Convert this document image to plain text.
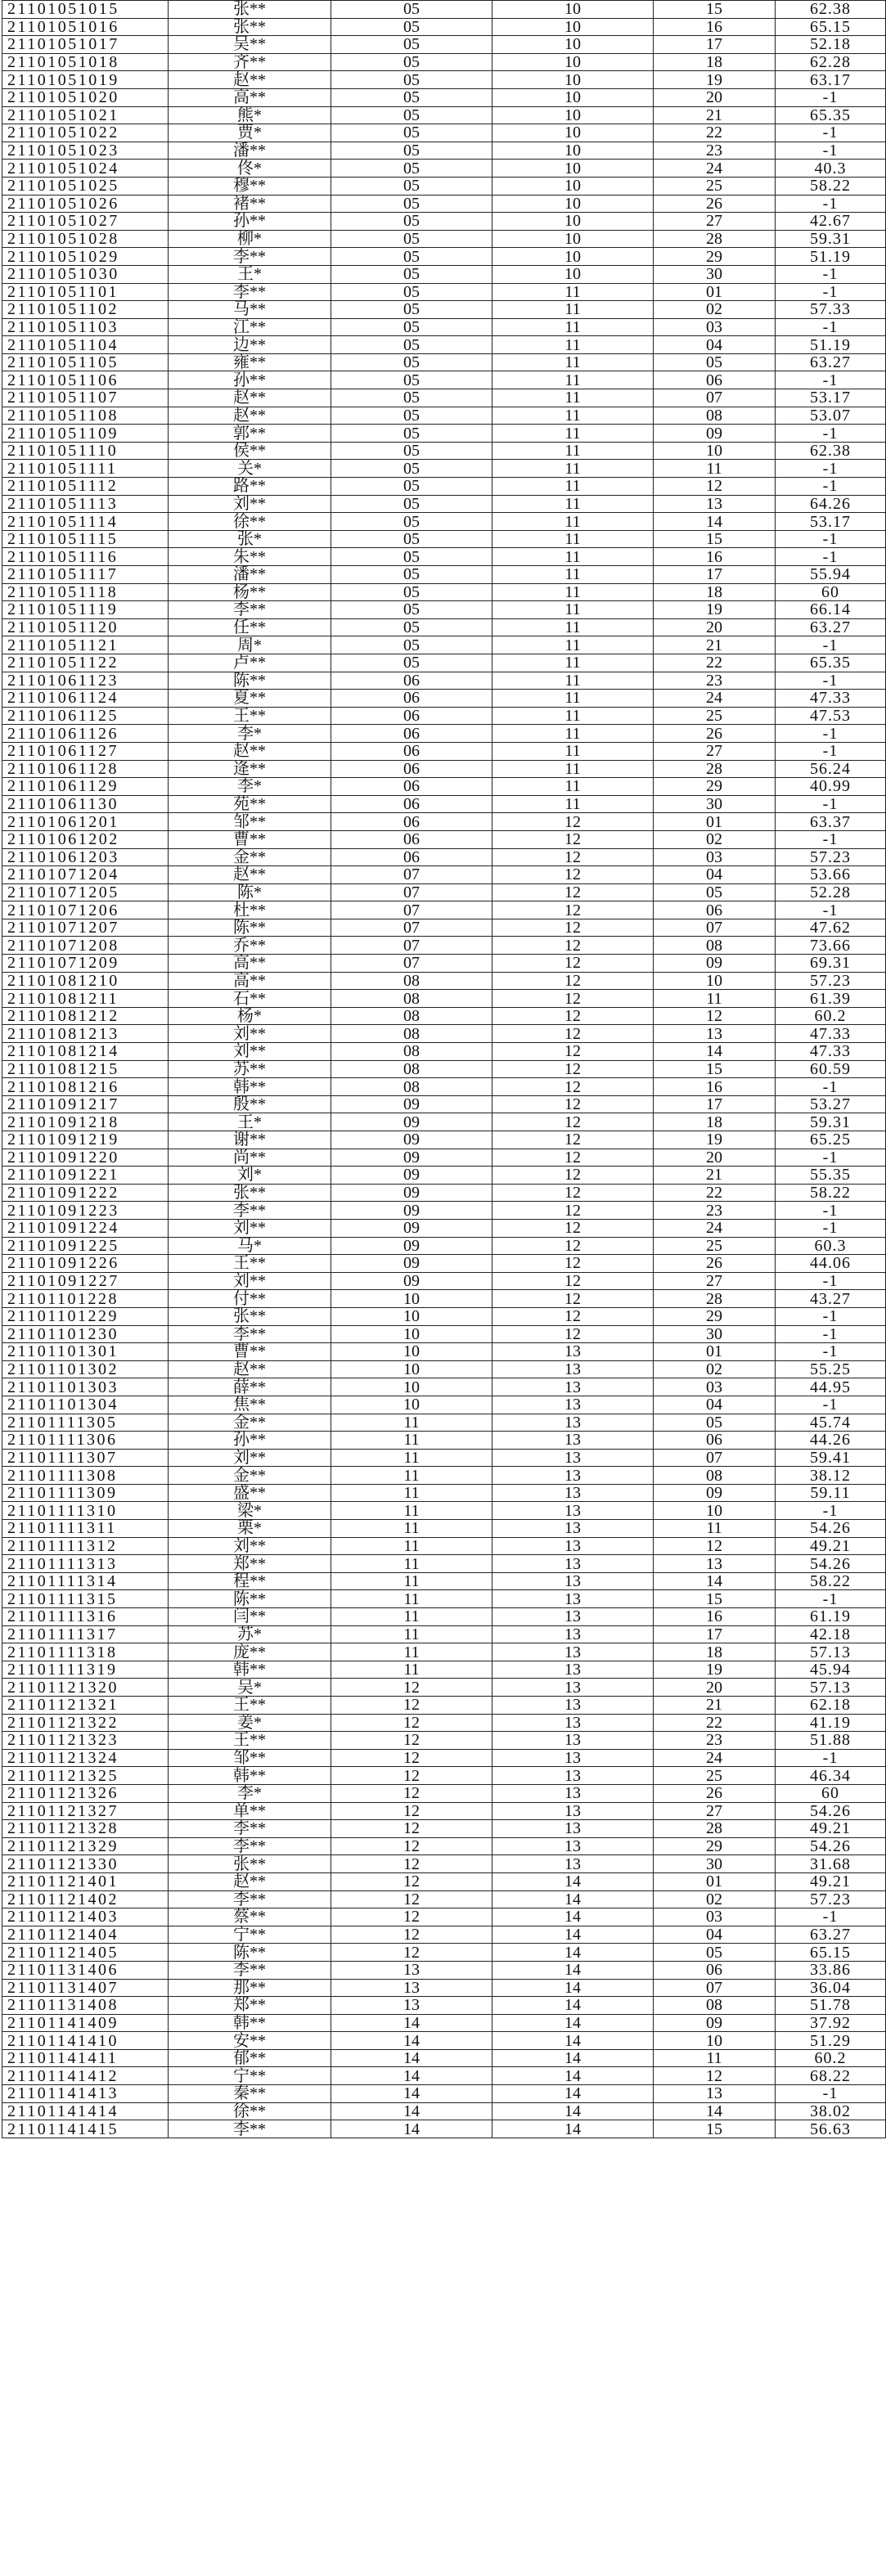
21101051015	张**	05	10	15	62.38
21101051016	张**	05	10	16	65.15
21101051017	吴**	05	10	17	52.18
21101051018	齐**	05	10	18	62.28
21101051019	赵**	05	10	19	63.17
21101051020	高**	05	10	20	-1
21101051021	熊*	05	10	21	65.35
21101051022	贾*	05	10	22	-1
21101051023	潘**	05	10	23	-1
21101051024	佟*	05	10	24	40.3
21101051025	穆**	05	10	25	58.22
21101051026	褚**	05	10	26	-1
21101051027	孙**	05	10	27	42.67
21101051028	柳*	05	10	28	59.31
21101051029	李**	05	10	29	51.19
21101051030	王*	05	10	30	-1
21101051101	李**	05	11	01	-1
21101051102	马**	05	11	02	57.33
21101051103	江**	05	11	03	-1
21101051104	边**	05	11	04	51.19
21101051105	雍**	05	11	05	63.27
21101051106	孙**	05	11	06	-1
21101051107	赵**	05	11	07	53.17
21101051108	赵**	05	11	08	53.07
21101051109	郭**	05	11	09	-1
21101051110	侯**	05	11	10	62.38
21101051111	关*	05	11	11	-1
21101051112	路**	05	11	12	-1
21101051113	刘**	05	11	13	64.26
21101051114	徐**	05	11	14	53.17
21101051115	张*	05	11	15	-1
21101051116	朱**	05	11	16	-1
21101051117	潘**	05	11	17	55.94
21101051118	杨**	05	11	18	60
21101051119	李**	05	11	19	66.14
21101051120	任**	05	11	20	63.27
21101051121	周*	05	11	21	-1
21101051122	卢**	05	11	22	65.35
21101061123	陈**	06	11	23	-1
21101061124	夏**	06	11	24	47.33
21101061125	王**	06	11	25	47.53
21101061126	李*	06	11	26	-1
21101061127	赵**	06	11	27	-1
21101061128	逄**	06	11	28	56.24
21101061129	李*	06	11	29	40.99
21101061130	苑**	06	11	30	-1
21101061201	邹**	06	12	01	63.37
21101061202	曹**	06	12	02	-1
21101061203	金**	06	12	03	57.23
21101071204	赵**	07	12	04	53.66
21101071205	陈*	07	12	05	52.28
21101071206	杜**	07	12	06	-1
21101071207	陈**	07	12	07	47.62
21101071208	乔**	07	12	08	73.66
21101071209	高**	07	12	09	69.31
21101081210	高**	08	12	10	57.23
21101081211	石**	08	12	11	61.39
21101081212	杨*	08	12	12	60.2
21101081213	刘**	08	12	13	47.33
21101081214	刘**	08	12	14	47.33
21101081215	苏**	08	12	15	60.59
21101081216	韩**	08	12	16	-1
21101091217	殷**	09	12	17	53.27
21101091218	王*	09	12	18	59.31
21101091219	谢**	09	12	19	65.25
21101091220	尚**	09	12	20	-1
21101091221	刘*	09	12	21	55.35
21101091222	张**	09	12	22	58.22
21101091223	李**	09	12	23	-1
21101091224	刘**	09	12	24	-1
21101091225	马*	09	12	25	60.3
21101091226	王**	09	12	26	44.06
21101091227	刘**	09	12	27	-1
21101101228	付**	10	12	28	43.27
21101101229	张**	10	12	29	-1
21101101230	李**	10	12	30	-1
21101101301	曹**	10	13	01	-1
21101101302	赵**	10	13	02	55.25
21101101303	薛**	10	13	03	44.95
21101101304	焦**	10	13	04	-1
21101111305	金**	11	13	05	45.74
21101111306	孙**	11	13	06	44.26
21101111307	刘**	11	13	07	59.41
21101111308	金**	11	13	08	38.12
21101111309	盛**	11	13	09	59.11
21101111310	梁*	11	13	10	-1
21101111311	栗*	11	13	11	54.26
21101111312	刘**	11	13	12	49.21
21101111313	郑**	11	13	13	54.26
21101111314	程**	11	13	14	58.22
21101111315	陈**	11	13	15	-1
21101111316	闫**	11	13	16	61.19
21101111317	苏*	11	13	17	42.18
21101111318	庞**	11	13	18	57.13
21101111319	韩**	11	13	19	45.94
21101121320	吴*	12	13	20	57.13
21101121321	王**	12	13	21	62.18
21101121322	姜*	12	13	22	41.19
21101121323	王**	12	13	23	51.88
21101121324	邹**	12	13	24	-1
21101121325	韩**	12	13	25	46.34
21101121326	李*	12	13	26	60
21101121327	单**	12	13	27	54.26
21101121328	李**	12	13	28	49.21
21101121329	李**	12	13	29	54.26
21101121330	张**	12	13	30	31.68
21101121401	赵**	12	14	01	49.21
21101121402	李**	12	14	02	57.23
21101121403	蔡**	12	14	03	-1
21101121404	宁**	12	14	04	63.27
21101121405	陈**	12	14	05	65.15
21101131406	李**	13	14	06	33.86
21101131407	那**	13	14	07	36.04
21101131408	郑**	13	14	08	51.78
21101141409	韩**	14	14	09	37.92
21101141410	安**	14	14	10	51.29
21101141411	郁**	14	14	11	60.2
21101141412	宁**	14	14	12	68.22
21101141413	秦**	14	14	13	-1
21101141414	徐**	14	14	14	38.02
21101141415	李**	14	14	15	56.63
